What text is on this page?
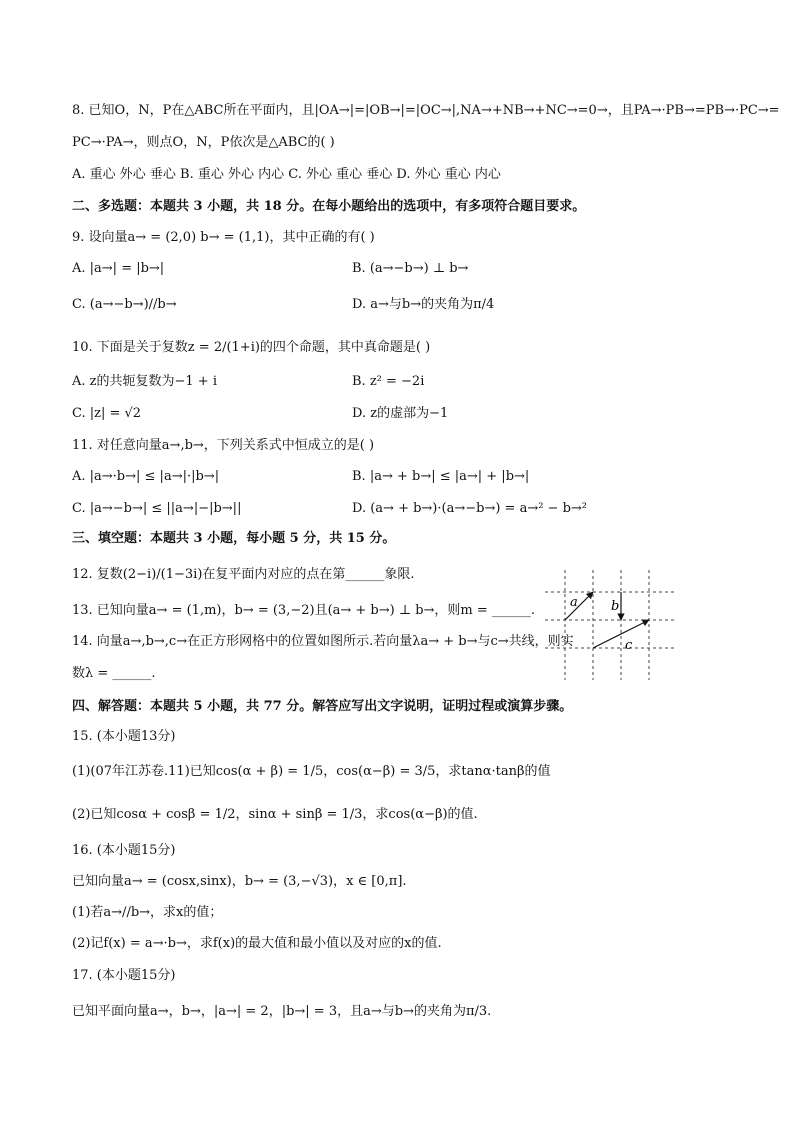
8. 已知O，N，P在△ABC所在平面内，且|OA→|=|OB→|=|OC→|,NA→+NB→+NC→=0→，且PA→·PB→=PB→·PC→=
PC→·PA→，则点O，N，P依次是△ABC的( )
A. 重心 外心 垂心 B. 重心 外心 内心 C. 外心 重心 垂心 D. 外心 重心 内心
二、多选题：本题共 3 小题，共 18 分。在每小题给出的选项中，有多项符合题目要求。
9. 设向量a→ = (2,0) b→ = (1,1)，其中正确的有( )
A. |a→| = |b→|	B. (a→−b→) ⊥ b→
C. (a→−b→)//b→	D. a→与b→的夹角为π/4
10. 下面是关于复数z = 2/(1+i)的四个命题，其中真命题是( )
A. z的共轭复数为−1 + i	B. z² = −2i
C. |z| = √2	D. z的虚部为−1
11. 对任意向量a→,b→，下列关系式中恒成立的是( )
A. |a→·b→| ≤ |a→|·|b→|	B. |a→ + b→| ≤ |a→| + |b→|
C. |a→−b→| ≤ ||a→|−|b→||	D. (a→ + b→)·(a→−b→) = a→² − b→²
三、填空题：本题共 3 小题，每小题 5 分，共 15 分。
12. 复数(2−i)/(1−3i)在复平面内对应的点在第______象限.
13. 已知向量a→ = (1,m)，b→ = (3,−2)且(a→ + b→) ⊥ b→，则m = ______.
14. 向量a→,b→,c→在正方形网格中的位置如图所示.若向量λa→ + b→与c→共线，则实
数λ = ______.
四、解答题：本题共 5 小题，共 77 分。解答应写出文字说明，证明过程或演算步骤。
15. (本小题13分)
(1)(07年江苏卷.11)已知cos(α + β) = 1/5，cos(α−β) = 3/5，求tanα·tanβ的值
(2)已知cosα + cosβ = 1/2，sinα + sinβ = 1/3，求cos(α−β)的值.
16. (本小题15分)
已知向量a→ = (cosx,sinx)，b→ = (3,−√3)，x ∈ [0,π].
(1)若a→//b→，求x的值；
(2)记f(x) = a→·b→，求f(x)的最大值和最小值以及对应的x的值.
17. (本小题15分)
已知平面向量a→，b→，|a→| = 2，|b→| = 3，且a→与b→的夹角为π/3.
a	b
c
